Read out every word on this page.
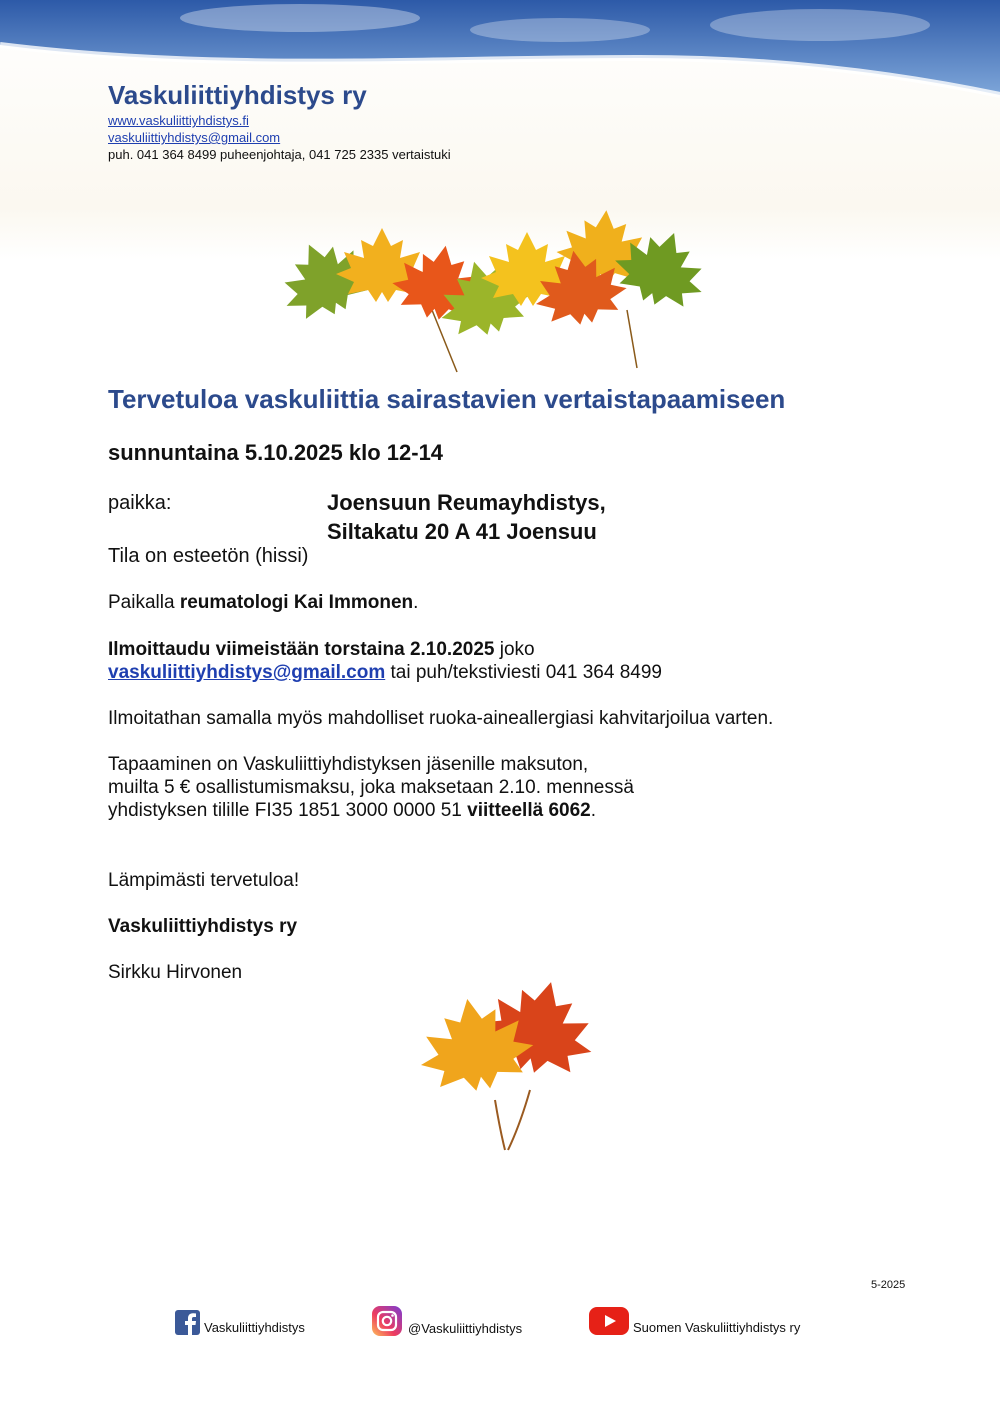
Vaskuliittiyhdistys ry
www.vaskuliittiyhdistys.fi
vaskuliittiyhdistys@gmail.com
puh. 041 364 8499 puheenjohtaja, 041 725 2335 vertaistuki
Tervetuloa vaskuliittia sairastavien vertaistapaamiseen
sunnuntaina 5.10.2025 klo 12-14
paikka:	Joensuun Reumayhdistys,
Siltakatu 20 A 41 Joensuu
Tila on esteetön (hissi)
Paikalla reumatologi Kai Immonen.
Ilmoittaudu viimeistään torstaina 2.10.2025 joko
vaskuliittiyhdistys@gmail.com tai puh/tekstiviesti 041 364 8499
Ilmoitathan samalla myös mahdolliset ruoka-aineallergiasi kahvitarjoilua varten.
Tapaaminen on Vaskuliittiyhdistyksen jäsenille maksuton,
muilta 5 € osallistumismaksu, joka maksetaan 2.10. mennessä
yhdistyksen tilille FI35 1851 3000 0000 51 viitteellä 6062.
Lämpimästi tervetuloa!
Vaskuliittiyhdistys ry
Sirkku Hirvonen
5-2025
Vaskuliittiyhdistys	@Vaskuliittiyhdistys	Suomen Vaskuliittiyhdistys ry
